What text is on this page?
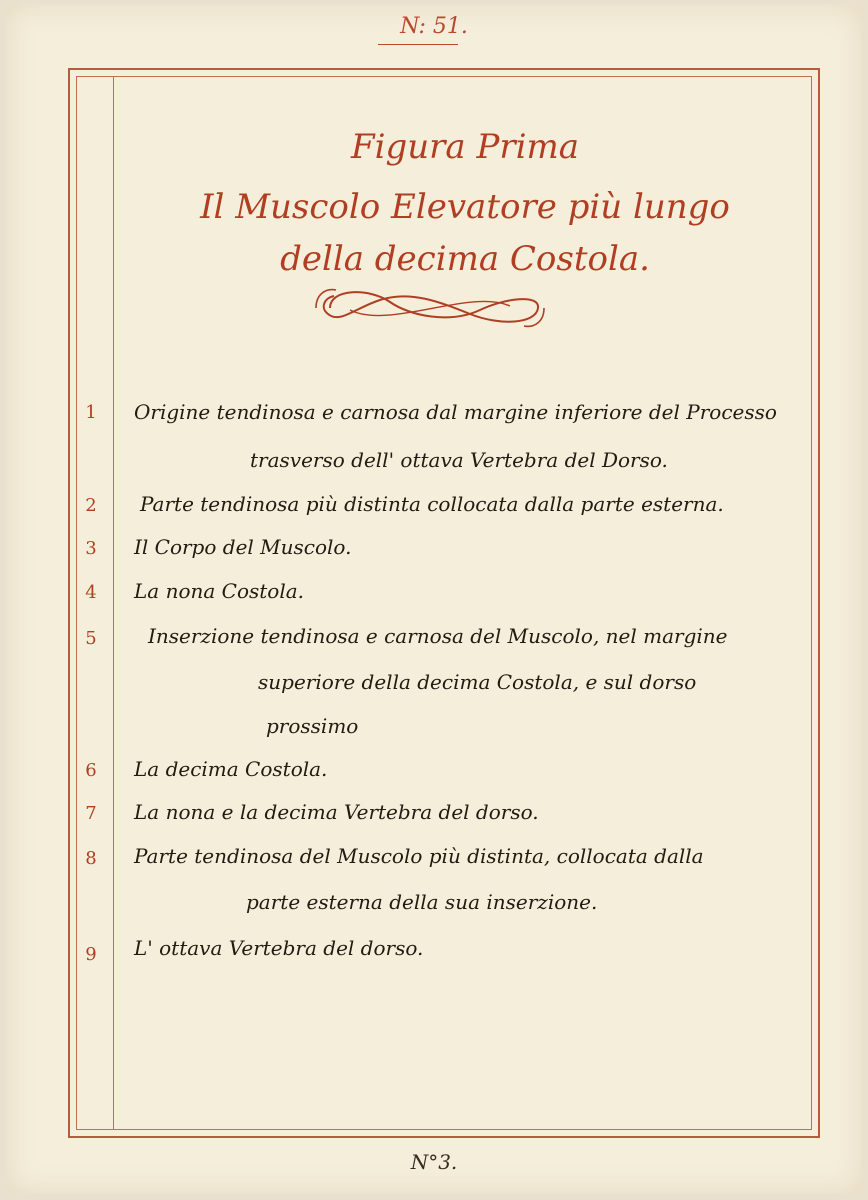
N: 51.
Figura Prima
Il Muscolo Elevatore più lungo
della decima Costola.
1	Origine tendinosa e carnosa dal margine inferiore del Processo
trasverso dell' ottava Vertebra del Dorso.
2	Parte tendinosa più distinta collocata dalla parte esterna.
3	Il Corpo del Muscolo.
4	La nona Costola.
5	Inserzione tendinosa e carnosa del Muscolo, nel margine
superiore della decima Costola, e sul dorso
prossimo
6	La decima Costola.
7	La nona e la decima Vertebra del dorso.
8	Parte tendinosa del Muscolo più distinta, collocata dalla
parte esterna della sua inserzione.
9	L' ottava Vertebra del dorso.
N°3.
